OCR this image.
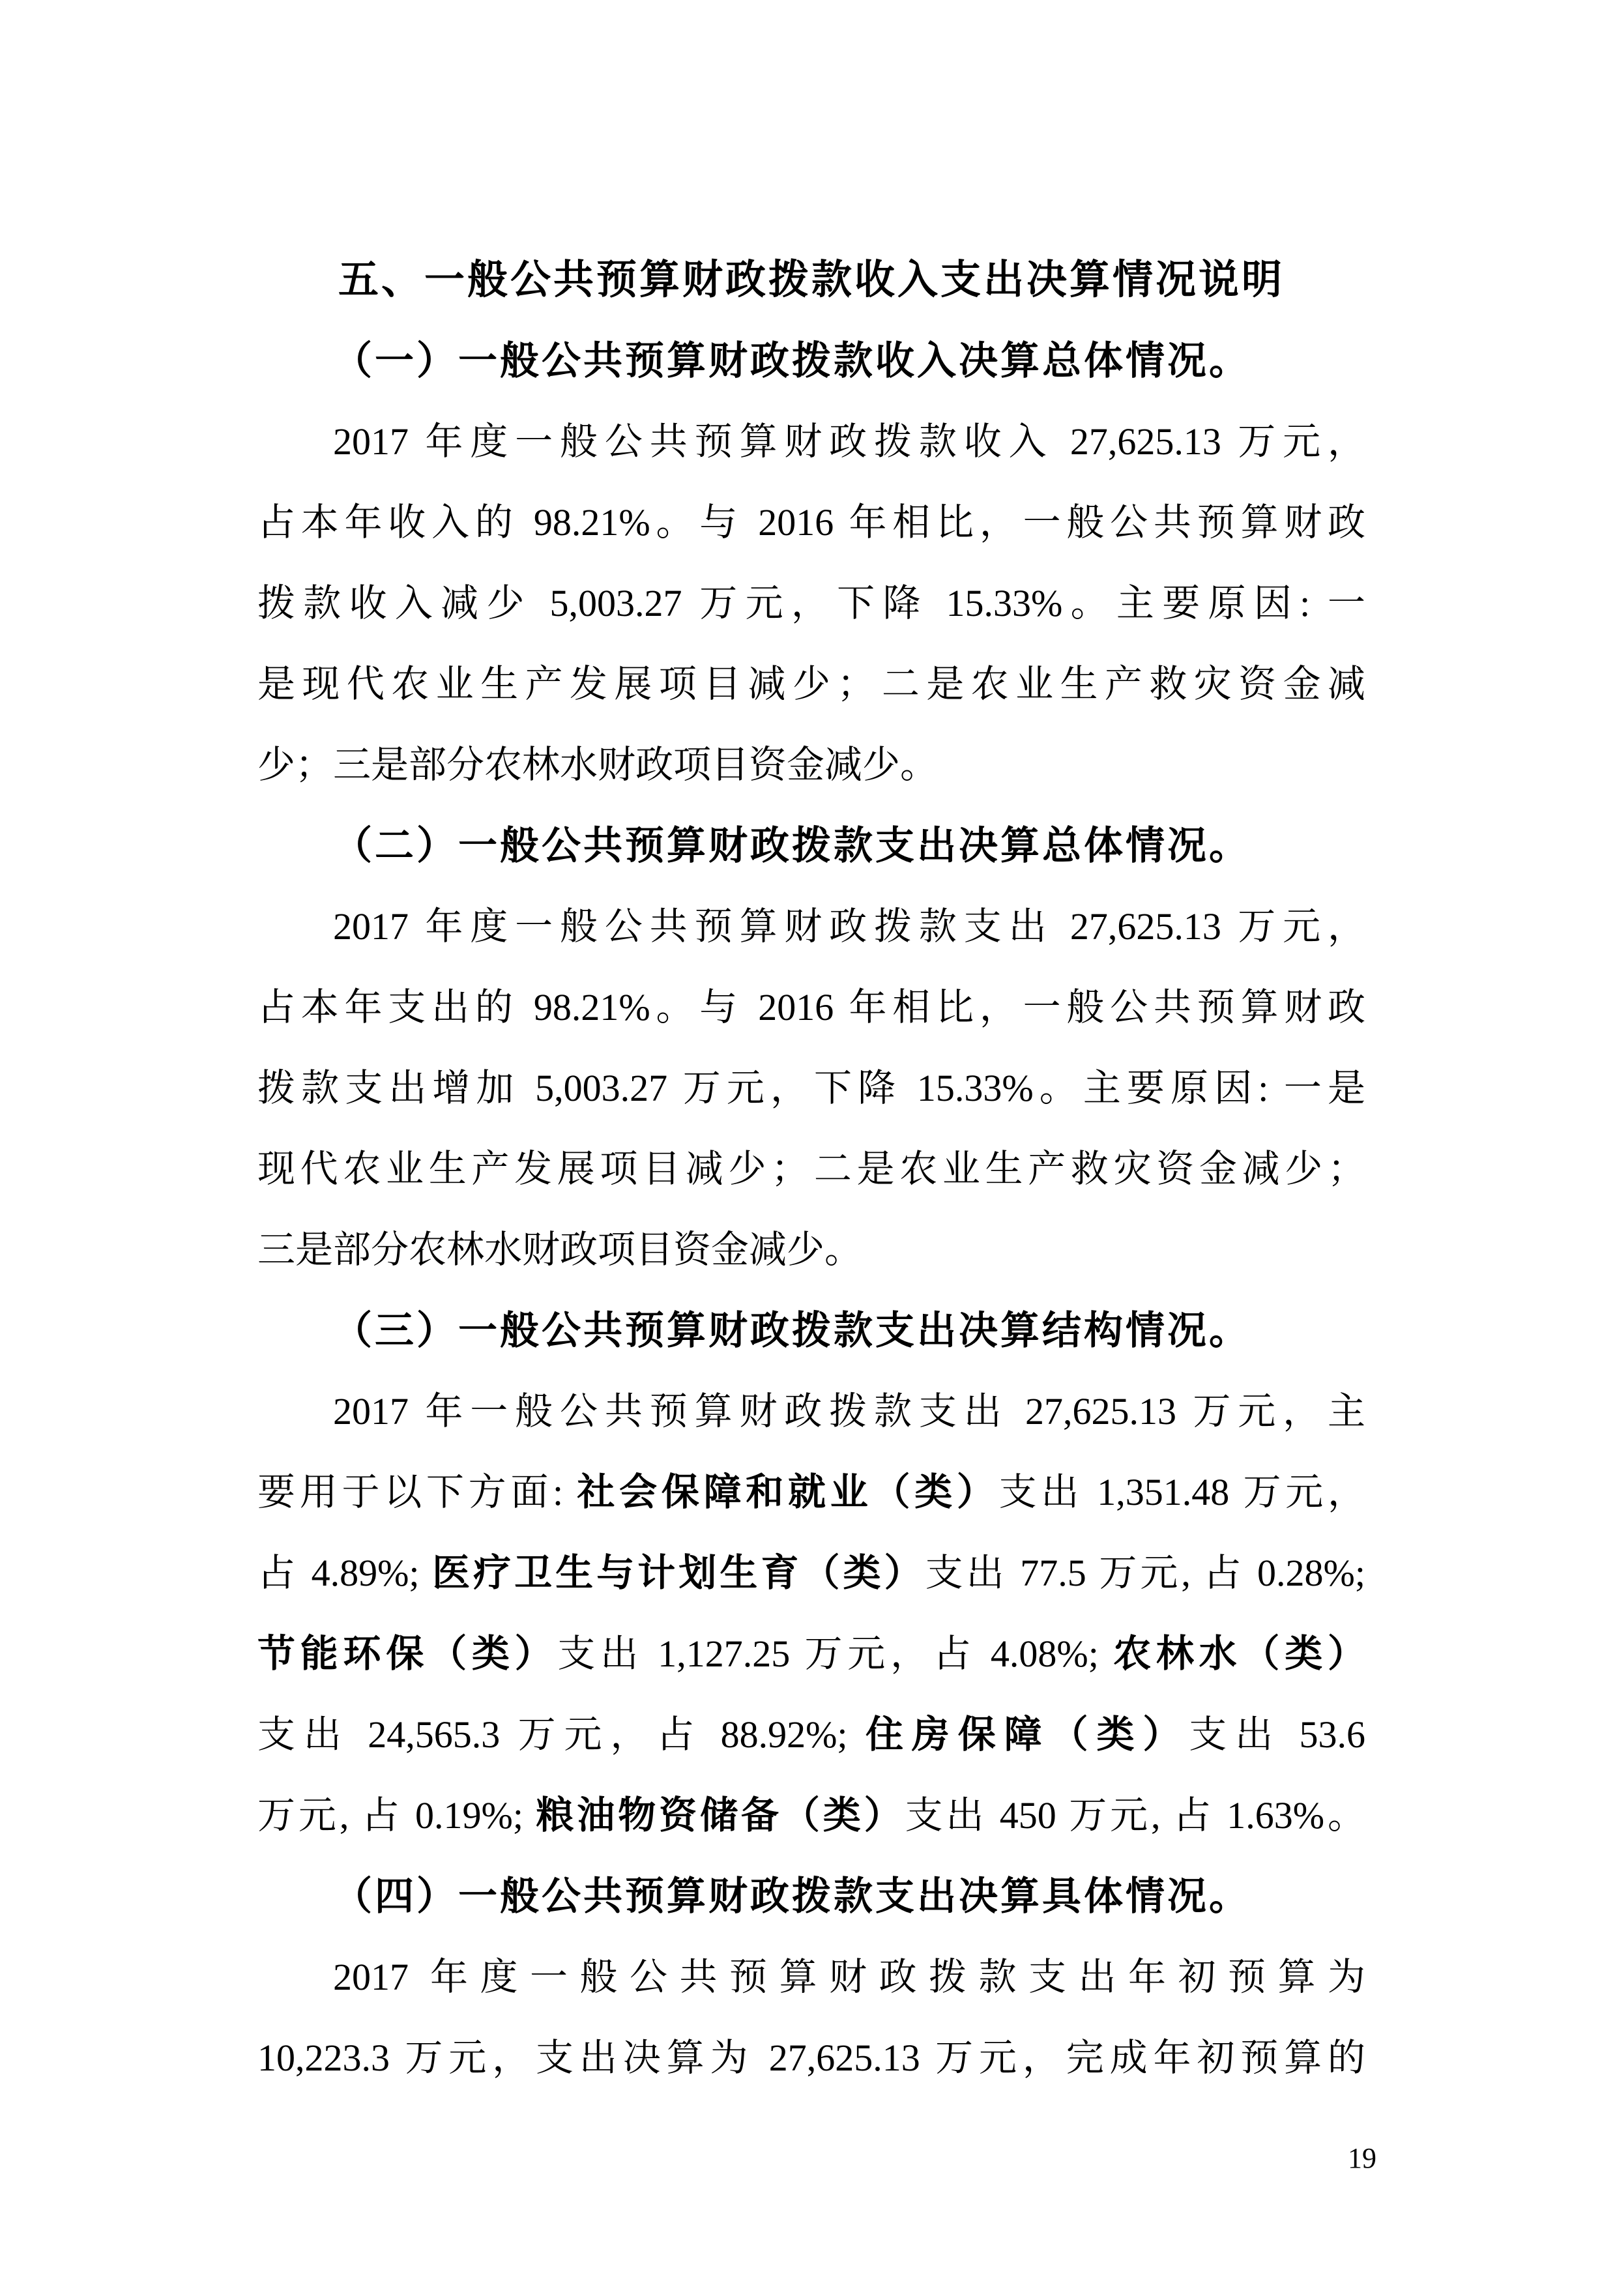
五、一般公共预算财政拨款收入支出决算情况说明
（一）一般公共预算财政拨款收入决算总体情况。
2017 年度一般公共预算财政拨款收入 27,625.13 万元，
占本年收入的 98.21%。与 2016 年相比，一般公共预算财政
拨款收入减少 5,003.27 万元，下降 15.33%。主要原因: 一
是现代农业生产发展项目减少；二是农业生产救灾资金减
少；三是部分农林水财政项目资金减少。
（二）一般公共预算财政拨款支出决算总体情况。
2017 年度一般公共预算财政拨款支出 27,625.13 万元，
占本年支出的 98.21%。与 2016 年相比，一般公共预算财政
拨款支出增加 5,003.27 万元，下降 15.33%。主要原因: 一是
现代农业生产发展项目减少；二是农业生产救灾资金减少；
三是部分农林水财政项目资金减少。
（三）一般公共预算财政拨款支出决算结构情况。
2017 年一般公共预算财政拨款支出 27,625.13 万元，主
要用于以下方面: 社会保障和就业（类）支出 1,351.48 万元，
占 4.89%; 医疗卫生与计划生育（类）支出 77.5 万元, 占 0.28%;
节能环保（类）支出 1,127.25 万元，占 4.08%; 农林水（类）
支出 24,565.3 万元，占 88.92%; 住房保障（类）支出 53.6
万元, 占 0.19%; 粮油物资储备（类）支出 450 万元, 占 1.63%。
（四）一般公共预算财政拨款支出决算具体情况。
2017 年度一般公共预算财政拨款支出年初预算为
10,223.3 万元，支出决算为 27,625.13 万元，完成年初预算的
19
